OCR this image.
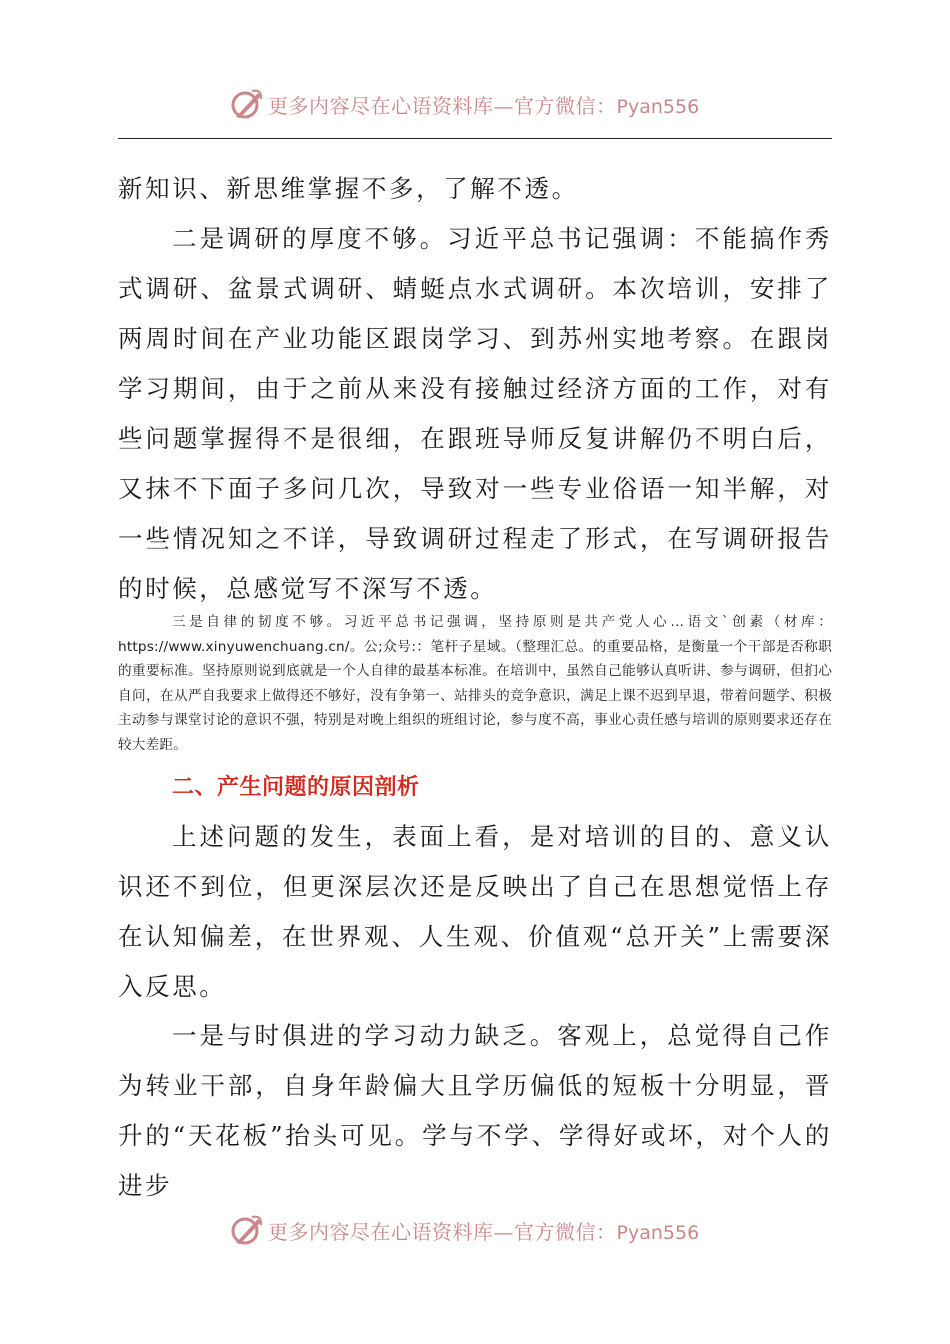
更多内容尽在心语资料库—官方微信：Pyan556

新知识、新思维掌握不多，了解不透。

二是调研的厚度不够。习近平总书记强调：不能搞作秀式调研、盆景式调研、蜻蜓点水式调研。本次培训，安排了两周时间在产业功能区跟岗学习、到苏州实地考察。在跟岗学习期间，由于之前从来没有接触过经济方面的工作，对有些问题掌握得不是很细，在跟班导师反复讲解仍不明白后，又抹不下面子多问几次，导致对一些专业俗语一知半解，对一些情况知之不详，导致调研过程走了形式，在写调研报告的时候，总感觉写不深写不透。

三是自律的韧度不够。习近平总书记强调，坚持原则是共产党人心…语文`创素（材库：https://www.xinyuwenchuang.cn/。公;众号:：笔杆子星域。（整理汇总。的重要品格，是衡量一个干部是否称职的重要标准。坚持原则说到底就是一个人自律的最基本标准。在培训中，虽然自己能够认真听讲、参与调研，但扪心自问，在从严自我要求上做得还不够好，没有争第一、站排头的竞争意识，满足上课不迟到早退，带着问题学、积极主动参与课堂讨论的意识不强，特别是对晚上组织的班组讨论，参与度不高，事业心责任感与培训的原则要求还存在较大差距。

二、产生问题的原因剖析

上述问题的发生，表面上看，是对培训的目的、意义认识还不到位，但更深层次还是反映出了自己在思想觉悟上存在认知偏差，在世界观、人生观、价值观“总开关”上需要深入反思。

一是与时俱进的学习动力缺乏。客观上，总觉得自己作为转业干部，自身年龄偏大且学历偏低的短板十分明显，晋升的“天花板”抬头可见。学与不学、学得好或坏，对个人的进步

更多内容尽在心语资料库—官方微信：Pyan556
